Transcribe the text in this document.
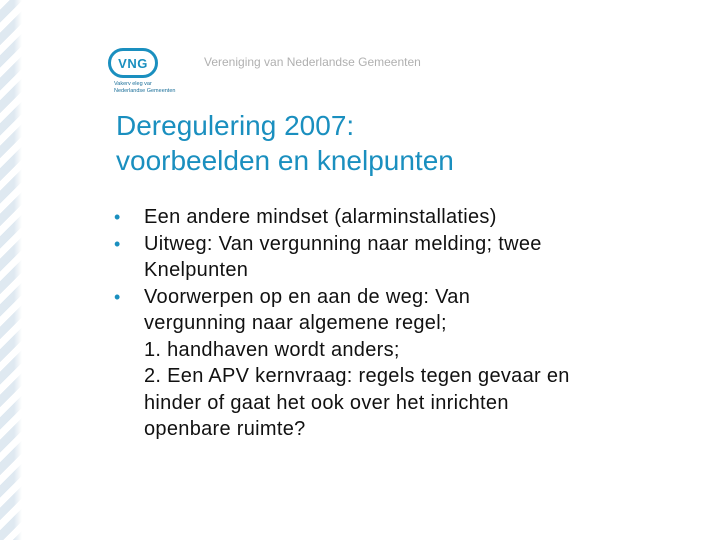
VNG
Vakerv eleg var
Nederlandse Gemeenten
Vereniging van Nederlandse Gemeenten
Deregulering 2007:
voorbeelden en knelpunten
• Een andere mindset (alarminstallaties)
• Uitweg: Van vergunning naar melding; twee
Knelpunten
• Voorwerpen op en aan de weg: Van
vergunning naar algemene regel;
1. handhaven wordt anders;
2. Een APV kernvraag: regels tegen gevaar en
hinder of gaat het ook over het inrichten
openbare ruimte?
